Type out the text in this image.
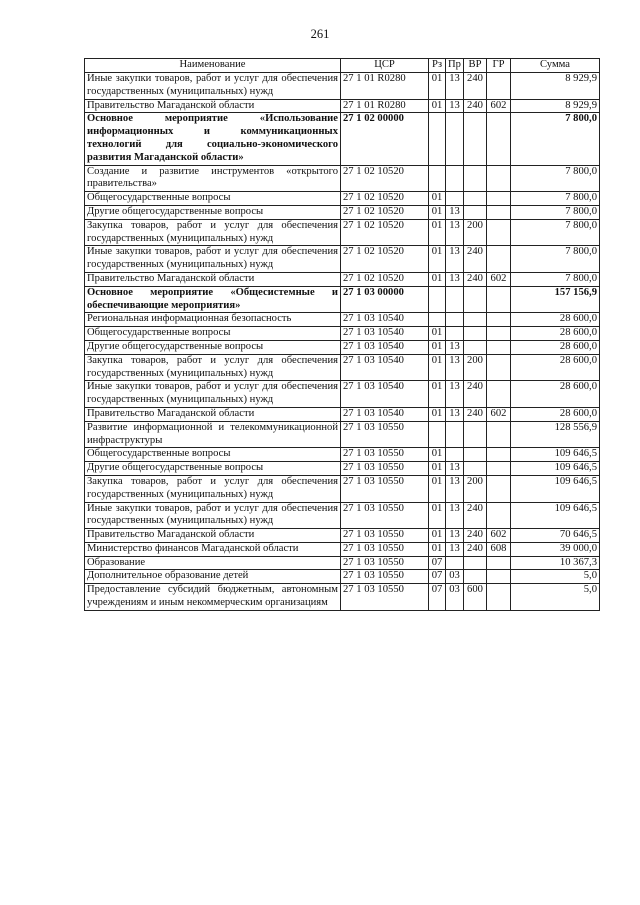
261
Наименование	ЦСР	Рз	Пр	ВР	ГР	Сумма
Иные закупки товаров, работ и услуг для обеспечения государственных (муниципальных) нужд	27 1 01 R0280	01	13	240		8 929,9
Правительство Магаданской области	27 1 01 R0280	01	13	240	602	8 929,9
Основное мероприятие «Использование информационных и коммуникационных технологий для социально-экономического развития Магаданской области»	27 1 02 00000					7 800,0
Создание и развитие инструментов «открытого правительства»	27 1 02 10520					7 800,0
Общегосударственные вопросы	27 1 02 10520	01				7 800,0
Другие общегосударственные вопросы	27 1 02 10520	01	13			7 800,0
Закупка товаров, работ и услуг для обеспечения государственных (муниципальных) нужд	27 1 02 10520	01	13	200		7 800,0
Иные закупки товаров, работ и услуг для обеспечения государственных (муниципальных) нужд	27 1 02 10520	01	13	240		7 800,0
Правительство Магаданской области	27 1 02 10520	01	13	240	602	7 800,0
Основное мероприятие «Общесистемные и обеспечивающие мероприятия»	27 1 03 00000					157 156,9
Региональная информационная безопасность	27 1 03 10540					28 600,0
Общегосударственные вопросы	27 1 03 10540	01				28 600,0
Другие общегосударственные вопросы	27 1 03 10540	01	13			28 600,0
Закупка товаров, работ и услуг для обеспечения государственных (муниципальных) нужд	27 1 03 10540	01	13	200		28 600,0
Иные закупки товаров, работ и услуг для обеспечения государственных (муниципальных) нужд	27 1 03 10540	01	13	240		28 600,0
Правительство Магаданской области	27 1 03 10540	01	13	240	602	28 600,0
Развитие информационной и телекоммуникационной инфраструктуры	27 1 03 10550					128 556,9
Общегосударственные вопросы	27 1 03 10550	01				109 646,5
Другие общегосударственные вопросы	27 1 03 10550	01	13			109 646,5
Закупка товаров, работ и услуг для обеспечения государственных (муниципальных) нужд	27 1 03 10550	01	13	200		109 646,5
Иные закупки товаров, работ и услуг для обеспечения государственных (муниципальных) нужд	27 1 03 10550	01	13	240		109 646,5
Правительство Магаданской области	27 1 03 10550	01	13	240	602	70 646,5
Министерство финансов Магаданской области	27 1 03 10550	01	13	240	608	39 000,0
Образование	27 1 03 10550	07				10 367,3
Дополнительное образование детей	27 1 03 10550	07	03			5,0
Предоставление субсидий бюджетным, автономным учреждениям и иным некоммерческим организациям	27 1 03 10550	07	03	600		5,0
